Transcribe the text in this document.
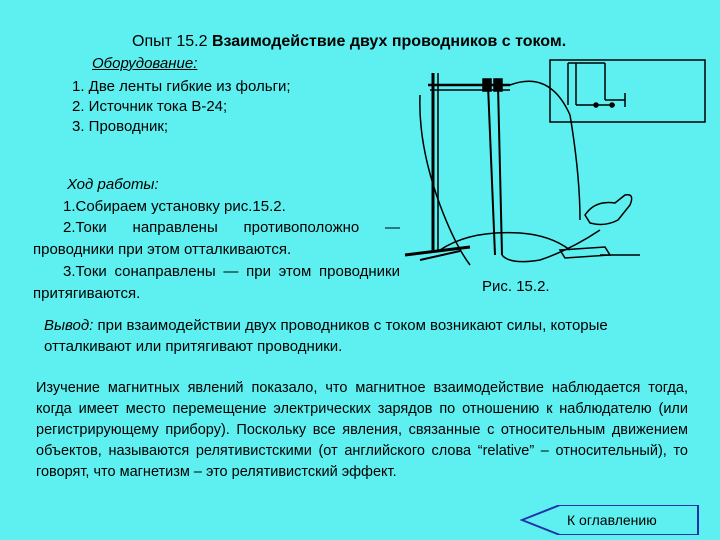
Опыт 15.2 Взаимодействие двух проводников с током.
Оборудование:
1. Две ленты гибкие из фольги;
2. Источник тока В-24;
3. Проводник;
Ход работы:
1.Собираем установку рис.15.2.
2.Токи направлены противоположно — проводники при этом отталкиваются.
3.Токи сонаправлены — при этом проводники притягиваются.	Рис. 15.2.
Вывод: при взаимодействии двух проводников с током возникают силы, которые отталкивают или притягивают проводники.
Изучение магнитных явлений показало, что магнитное взаимодействие наблюдается тогда, когда имеет место перемещение электрических зарядов по отношению к наблюдателю (или регистрирующему прибору). Поскольку все явления, связанные с относительным движением объектов, называются релятивистскими (от английского слова “relative” – относительный), то говорят, что магнетизм – это релятивистский эффект.
К оглавлению
